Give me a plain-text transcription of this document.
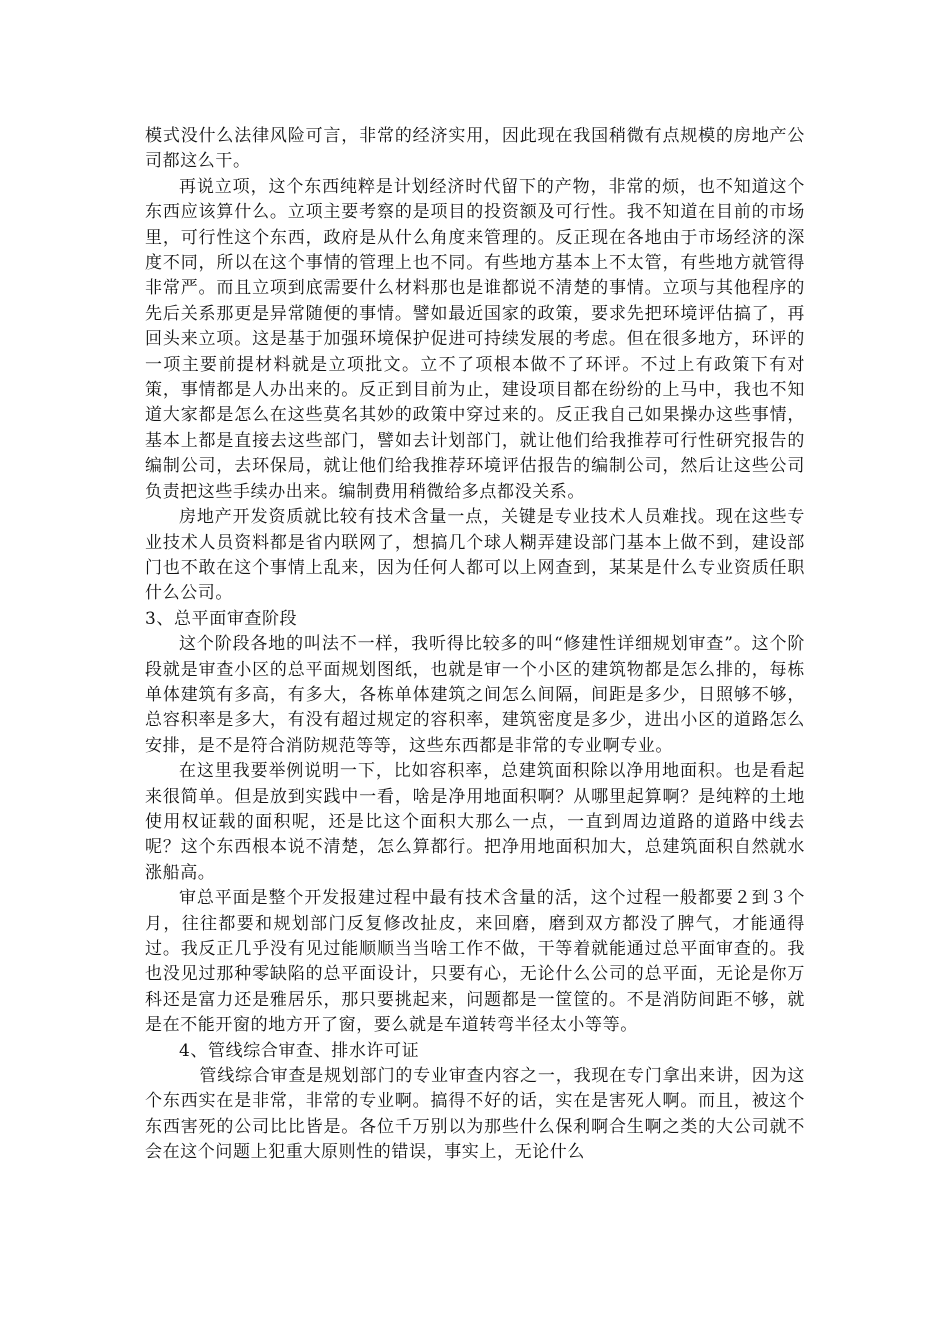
模式没什么法律风险可言，非常的经济实用，因此现在我国稍微有点规模的房地产公司都这么干。

再说立项，这个东西纯粹是计划经济时代留下的产物，非常的烦，也不知道这个东西应该算什么。立项主要考察的是项目的投资额及可行性。我不知道在目前的市场里，可行性这个东西，政府是从什么角度来管理的。反正现在各地由于市场经济的深度不同，所以在这个事情的管理上也不同。有些地方基本上不太管，有些地方就管得非常严。而且立项到底需要什么材料那也是谁都说不清楚的事情。立项与其他程序的先后关系那更是异常随便的事情。譬如最近国家的政策，要求先把环境评估搞了，再回头来立项。这是基于加强环境保护促进可持续发展的考虑。但在很多地方，环评的一项主要前提材料就是立项批文。立不了项根本做不了环评。不过上有政策下有对策，事情都是人办出来的。反正到目前为止，建设项目都在纷纷的上马中，我也不知道大家都是怎么在这些莫名其妙的政策中穿过来的。反正我自己如果操办这些事情，基本上都是直接去这些部门，譬如去计划部门，就让他们给我推荐可行性研究报告的编制公司，去环保局，就让他们给我推荐环境评估报告的编制公司，然后让这些公司负责把这些手续办出来。编制费用稍微给多点都没关系。

房地产开发资质就比较有技术含量一点，关键是专业技术人员难找。现在这些专业技术人员资料都是省内联网了，想搞几个球人糊弄建设部门基本上做不到，建设部门也不敢在这个事情上乱来，因为任何人都可以上网查到，某某是什么专业资质任职什么公司。

3、总平面审查阶段

这个阶段各地的叫法不一样，我听得比较多的叫“修建性详细规划审查”。这个阶段就是审查小区的总平面规划图纸，也就是审一个小区的建筑物都是怎么排的，每栋单体建筑有多高，有多大，各栋单体建筑之间怎么间隔，间距是多少，日照够不够，总容积率是多大，有没有超过规定的容积率，建筑密度是多少，进出小区的道路怎么安排，是不是符合消防规范等等，这些东西都是非常的专业啊专业。

在这里我要举例说明一下，比如容积率，总建筑面积除以净用地面积。也是看起来很简单。但是放到实践中一看，啥是净用地面积啊？从哪里起算啊？是纯粹的土地使用权证载的面积呢，还是比这个面积大那么一点，一直到周边道路的道路中线去呢？这个东西根本说不清楚，怎么算都行。把净用地面积加大，总建筑面积自然就水涨船高。

审总平面是整个开发报建过程中最有技术含量的活，这个过程一般都要２到３个月，往往都要和规划部门反复修改扯皮，来回磨，磨到双方都没了脾气，才能通得过。我反正几乎没有见过能顺顺当当啥工作不做，干等着就能通过总平面审查的。我也没见过那种零缺陷的总平面设计，只要有心，无论什么公司的总平面，无论是你万科还是富力还是雅居乐，那只要挑起来，问题都是一筐筐的。不是消防间距不够，就是在不能开窗的地方开了窗，要么就是车道转弯半径太小等等。

4、管线综合审查、排水许可证

管线综合审查是规划部门的专业审查内容之一，我现在专门拿出来讲，因为这个东西实在是非常，非常的专业啊。搞得不好的话，实在是害死人啊。而且，被这个东西害死的公司比比皆是。各位千万别以为那些什么保利啊合生啊之类的大公司就不会在这个问题上犯重大原则性的错误，事实上，无论什么
